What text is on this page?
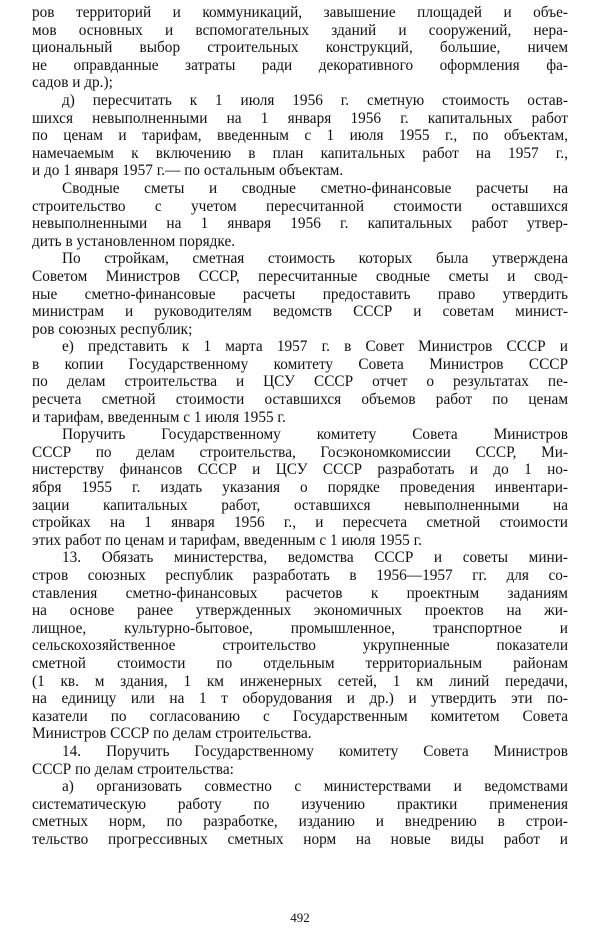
ров территорий и коммуникаций, завышение площадей и объе-
мов основных и вспомогательных зданий и сооружений, нера-
циональный выбор строительных конструкций, большие, ничем
не оправданные затраты ради декоративного оформления фа-
садов и др.);
д) пересчитать к 1 июля 1956 г. сметную стоимость остав-
шихся невыполненными на 1 января 1956 г. капитальных работ
по ценам и тарифам, введенным с 1 июля 1955 г., по объектам,
намечаемым к включению в план капитальных работ на 1957 г.,
и до 1 января 1957 г.— по остальным объектам.
Сводные сметы и сводные сметно-финансовые расчеты на
строительство с учетом пересчитанной стоимости оставшихся
невыполненными на 1 января 1956 г. капитальных работ утвер-
дить в установленном порядке.
По стройкам, сметная стоимость которых была утверждена
Советом Министров СССР, пересчитанные сводные сметы и свод-
ные сметно-финансовые расчеты предоставить право утвердить
министрам и руководителям ведомств СССР и советам минист-
ров союзных республик;
е) представить к 1 марта 1957 г. в Совет Министров СССР и
в копии Государственному комитету Совета Министров СССР
по делам строительства и ЦСУ СССР отчет о результатах пе-
ресчета сметной стоимости оставшихся объемов работ по ценам
и тарифам, введенным с 1 июля 1955 г.
Поручить Государственному комитету Совета Министров
СССР по делам строительства, Госэкономкомиссии СССР, Ми-
нистерству финансов СССР и ЦСУ СССР разработать и до 1 но-
ября 1955 г. издать указания о порядке проведения инвентари-
зации капитальных работ, оставшихся невыполненными на
стройках на 1 января 1956 г., и пересчета сметной стоимости
этих работ по ценам и тарифам, введенным с 1 июля 1955 г.
13. Обязать министерства, ведомства СССР и советы мини-
стров союзных республик разработать в 1956—1957 гг. для со-
ставления сметно-финансовых расчетов к проектным заданиям
на основе ранее утвержденных экономичных проектов на жи-
лищное, культурно-бытовое, промышленное, транспортное и
сельскохозяйственное строительство укрупненные показатели
сметной стоимости по отдельным территориальным районам
(1 кв. м здания, 1 км инженерных сетей, 1 км линий передачи,
на единицу или на 1 т оборудования и др.) и утвердить эти по-
казатели по согласованию с Государственным комитетом Совета
Министров СССР по делам строительства.
14. Поручить Государственному комитету Совета Министров
СССР по делам строительства:
а) организовать совместно с министерствами и ведомствами
систематическую работу по изучению практики применения
сметных норм, по разработке, изданию и внедрению в строи-
тельство прогрессивных сметных норм на новые виды работ и
492
